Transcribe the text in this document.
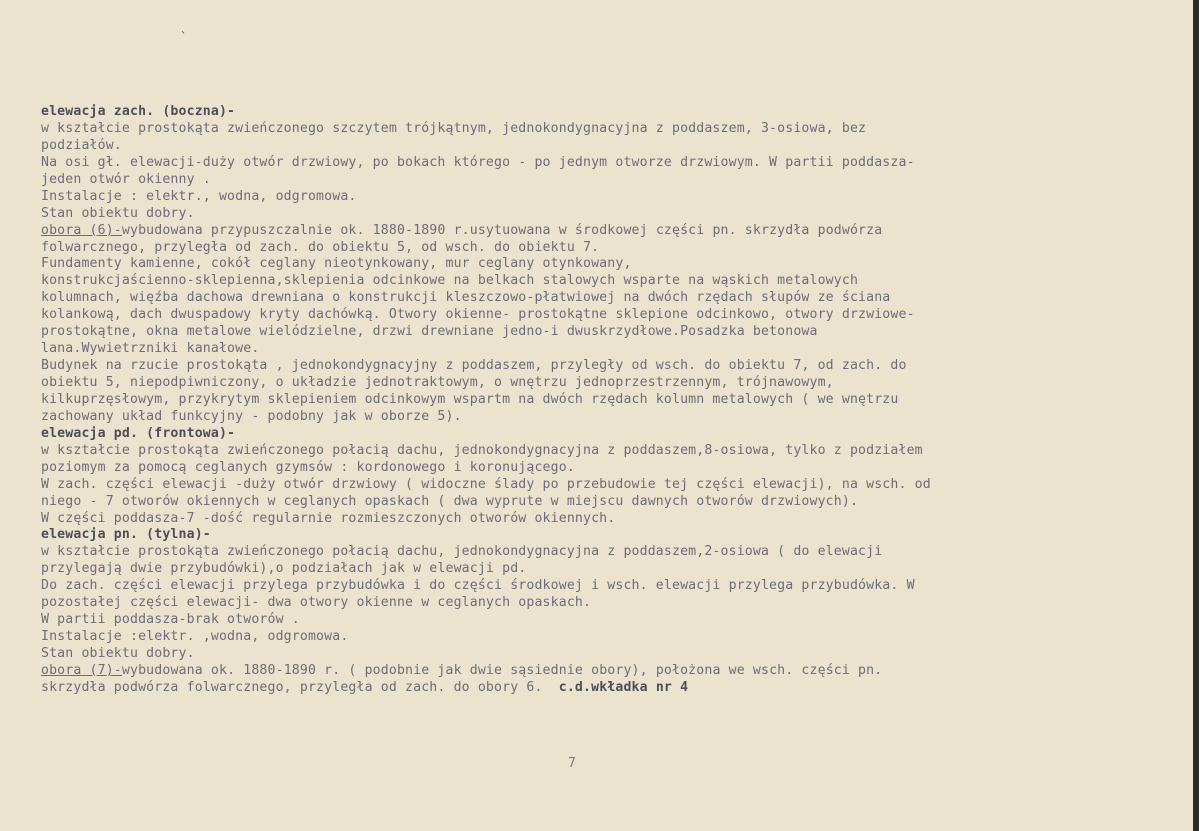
`
elewacja zach. (boczna)-
w kształcie prostokąta zwieńczonego szczytem trójkątnym, jednokondygnacyjna z poddaszem, 3-osiowa, bez
podziałów.
Na osi gł. elewacji-duży otwór drzwiowy, po bokach którego - po jednym otworze drzwiowym. W partii poddasza-
jeden otwór okienny .
Instalacje : elektr., wodna, odgromowa.
Stan obiektu dobry.
obora (6)-wybudowana przypuszczalnie ok. 1880-1890 r.usytuowana w środkowej części pn. skrzydła podwórza
folwarcznego, przyległa od zach. do obiektu 5, od wsch. do obiektu 7.
Fundamenty kamienne, cokół ceglany nieotynkowany, mur ceglany otynkowany,
konstrukcjaścienno-sklepienna,sklepienia odcinkowe na belkach stalowych wsparte na wąskich metalowych
kolumnach, więźba dachowa drewniana o konstrukcji kleszczowo-płatwiowej na dwóch rzędach słupów ze ściana
kolankową, dach dwuspadowy kryty dachówką. Otwory okienne- prostokątne sklepione odcinkowo, otwory drzwiowe-
prostokątne, okna metalowe wielódzielne, drzwi drewniane jedno-i dwuskrzydłowe.Posadzka betonowa
lana.Wywietrzniki kanałowe.
Budynek na rzucie prostokąta , jednokondygnacyjny z poddaszem, przyległy od wsch. do obiektu 7, od zach. do
obiektu 5, niepodpiwniczony, o układzie jednotraktowym, o wnętrzu jednoprzestrzennym, trójnawowym,
kilkuprzęsłowym, przykrytym sklepieniem odcinkowym wspartm na dwóch rzędach kolumn metalowych ( we wnętrzu
zachowany układ funkcyjny - podobny jak w oborze 5).
elewacja pd. (frontowa)-
w kształcie prostokąta zwieńczonego połacią dachu, jednokondygnacyjna z poddaszem,8-osiowa, tylko z podziałem
poziomym za pomocą ceglanych gzymsów : kordonowego i koronującego.
W zach. części elewacji -duży otwór drzwiowy ( widoczne ślady po przebudowie tej części elewacji), na wsch. od
niego - 7 otworów okiennych w ceglanych opaskach ( dwa wyprute w miejscu dawnych otworów drzwiowych).
W części poddasza-7 -dość regularnie rozmieszczonych otworów okiennych.
elewacja pn. (tylna)-
w kształcie prostokąta zwieńczonego połacią dachu, jednokondygnacyjna z poddaszem,2-osiowa ( do elewacji
przylegają dwie przybudówki),o podziałach jak w elewacji pd.
Do zach. części elewacji przylega przybudówka i do części środkowej i wsch. elewacji przylega przybudówka. W
pozostałej części elewacji- dwa otwory okienne w ceglanych opaskach.
W partii poddasza-brak otworów .
Instalacje :elektr. ,wodna, odgromowa.
Stan obiektu dobry.
obora (7)-wybudowana ok. 1880-1890 r. ( podobnie jak dwie sąsiednie obory), położona we wsch. części pn.
skrzydła podwórza folwarcznego, przyległa od zach. do obory 6. c.d.wkładka nr 4
7
